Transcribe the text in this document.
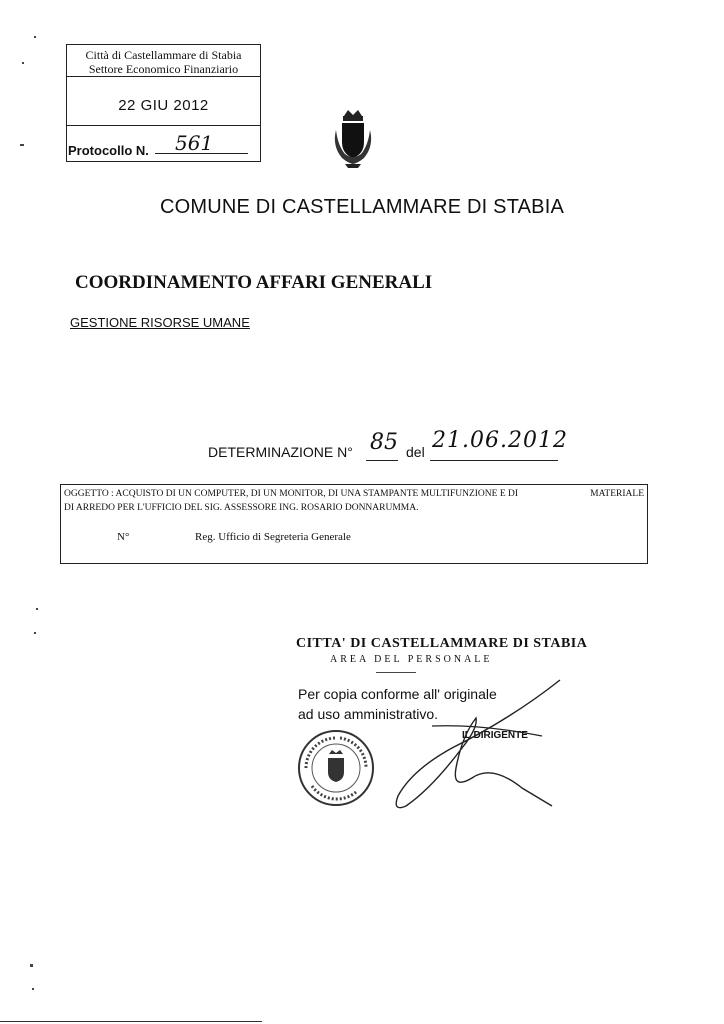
Città di Castellammare di Stabia
Settore Economico Finanziario
22 GIU 2012
Protocollo N. 561
COMUNE DI CASTELLAMMARE DI STABIA
COORDINAMENTO AFFARI GENERALI
GESTIONE RISORSE UMANE
DETERMINAZIONE N° 85 del 21.06.2012
OGGETTO : ACQUISTO DI UN COMPUTER, DI UN MONITOR, DI UNA STAMPANTE MULTIFUNZIONE E DI	MATERIALE
DI ARREDO PER L'UFFICIO DEL SIG. ASSESSORE ING. ROSARIO DONNARUMMA.
N°	Reg. Ufficio di Segreteria Generale
CITTA' DI CASTELLAMMARE DI STABIA
AREA DEL PERSONALE
Per copia conforme all' originale
ad uso amministrativo.
IL DIRIGENTE
